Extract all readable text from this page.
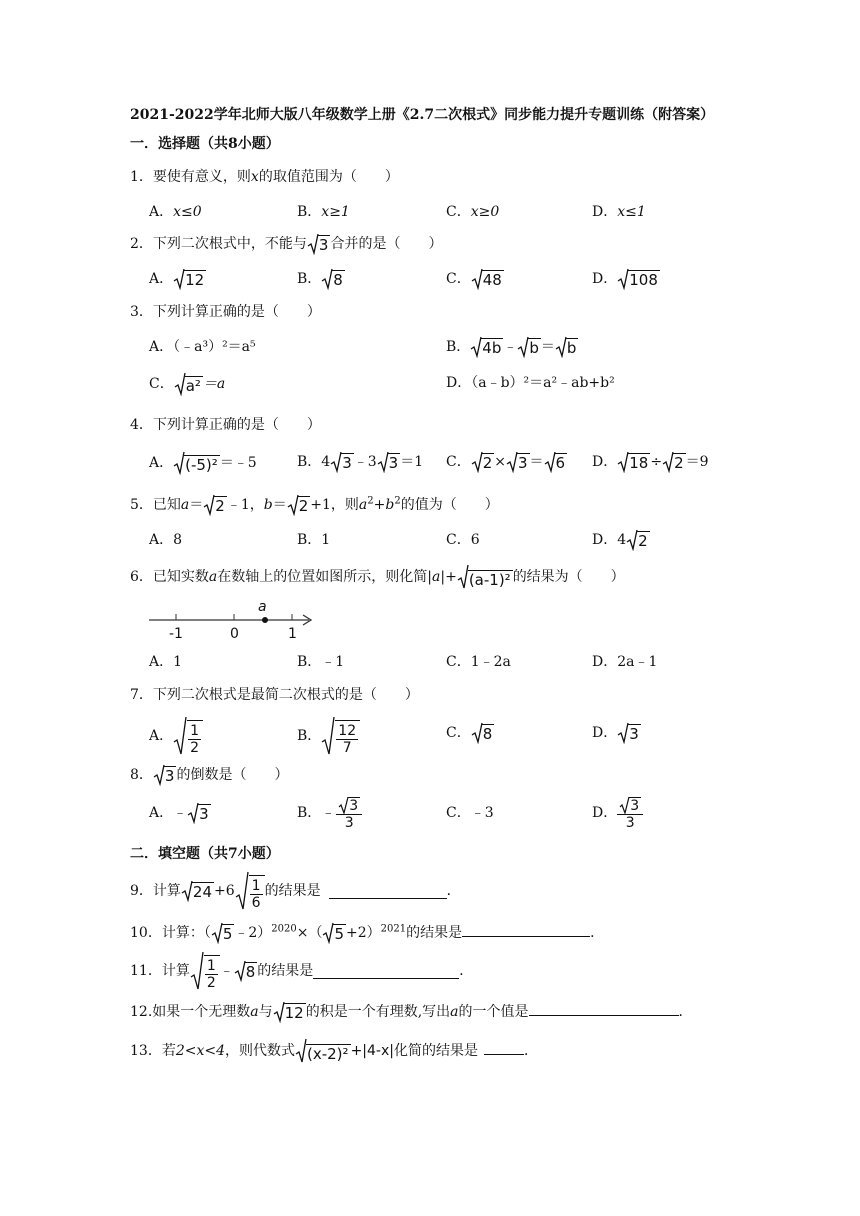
2021-2022学年北师大版八年级数学上册《2.7二次根式》同步能力提升专题训练（附答案）
一．选择题（共8小题）
1．要使有意义，则x的取值范围为（　　）
A．x≤0	B．x≥1	C．x≥0	D．x≤1
2．下列二次根式中，不能与 3 合并的是（　　）
A． 12	B． 8	C． 48	D． 108
3．下列计算正确的是（　　）
A．（﹣a³）²＝a⁵	B． 4b ﹣ b ＝ b
C． a² ＝a	D．（a﹣b）²＝a²﹣ab+b²
4．下列计算正确的是（　　）
A． (-5)² ＝﹣5	B．4 3 ﹣3 3 ＝1 C． 2 × 3 ＝ 6 D． 18 ÷ 2 ＝9
5．已知a＝ 2 ﹣1，b＝ 2 +1，则$a^2+b^2$的值为（　　）
A．8	B．1	C．6	D．4 2
6．已知实数a在数轴上的位置如图所示，则化简|a|+ (a-1)² 的结果为（　　）
a
-1	0	1
A．1	B．﹣1	C．1﹣2a	D．2a﹣1
7．下列二次根式是最简二次根式的是（　　）
A． $\frac{1}{2}$	B． $\frac{12}{7}$	C． 8	D． 3
8． 3 的倒数是（　　）
A．﹣ 3	B． ﹣ $\frac{3}{3}$	C．﹣3	D． $\frac{3}{3}$
二．填空题（共7小题）
9．计算 $24 +6 \frac{1}{6}$ 的结果是	．
10．计算：（ 5 ﹣2）$^{2020}$×（ 5 +2）$^{2021}$的结果是	．
11．计算 $\frac{1}{2}$ ﹣ 8 的结果是	．
12.如果一个无理数a与 12 的积是一个有理数,写出a的一个值是	．
13．若2<x<4，则代数式 (x-2)² +|4-x|化简的结果是	．
